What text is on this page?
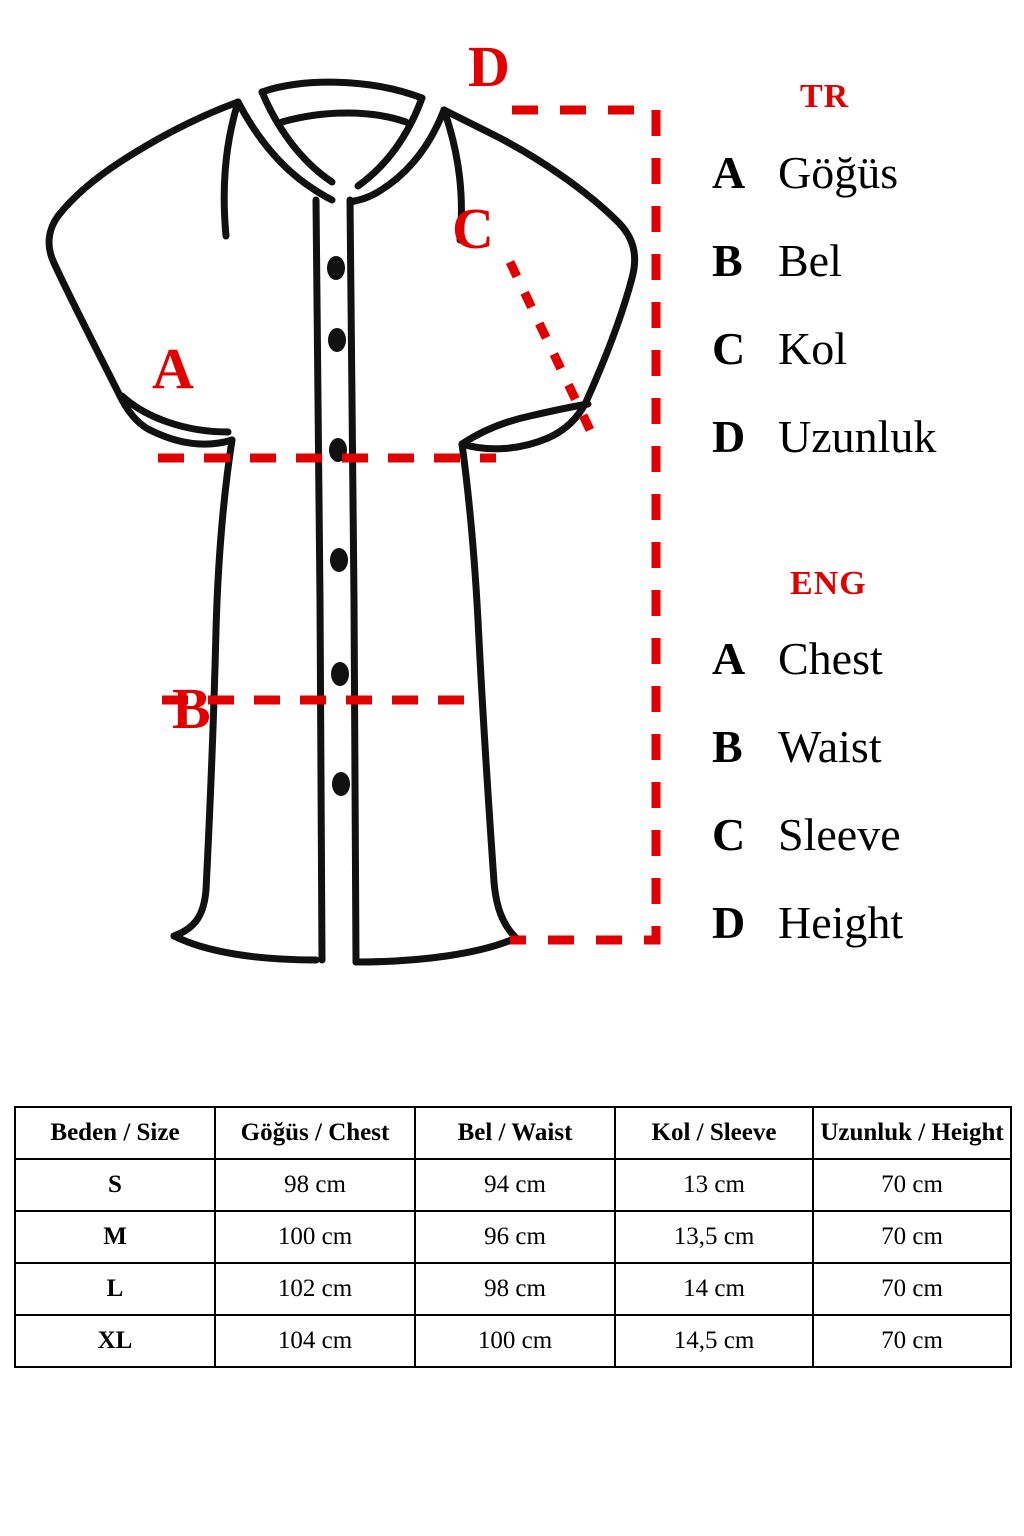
A
B
C
D	TR
A Göğüs
B Bel
C Kol
D Uzunluk
ENG
A Chest
B Waist
C Sleeve
D Height
Beden / Size	Göğüs / Chest	Bel / Waist	Kol / Sleeve	Uzunluk / Height
S	98 cm	94 cm	13 cm	70 cm
M	100 cm	96 cm	13,5 cm	70 cm
L	102 cm	98 cm	14 cm	70 cm
XL	104 cm	100 cm	14,5 cm	70 cm
